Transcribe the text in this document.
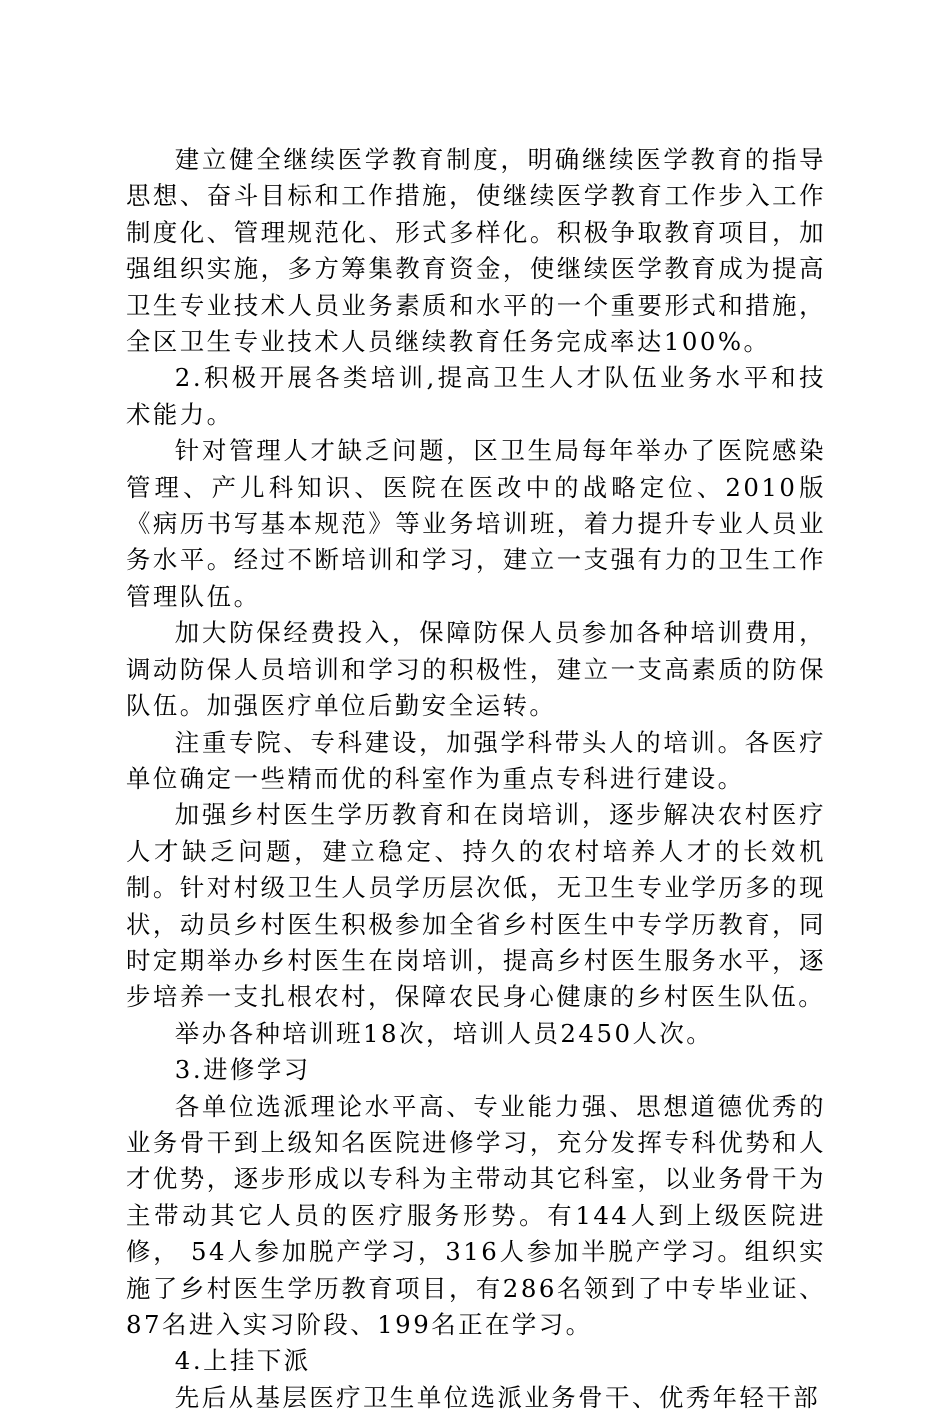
建立健全继续医学教育制度，明确继续医学教育的指导思想、奋斗目标和工作措施，使继续医学教育工作步入工作制度化、管理规范化、形式多样化。积极争取教育项目，加强组织实施，多方筹集教育资金，使继续医学教育成为提高卫生专业技术人员业务素质和水平的一个重要形式和措施，全区卫生专业技术人员继续教育任务完成率达100%。

2.积极开展各类培训,提高卫生人才队伍业务水平和技术能力。

针对管理人才缺乏问题，区卫生局每年举办了医院感染管理、产儿科知识、医院在医改中的战略定位、2010版《病历书写基本规范》等业务培训班，着力提升专业人员业务水平。经过不断培训和学习，建立一支强有力的卫生工作管理队伍。

加大防保经费投入，保障防保人员参加各种培训费用，调动防保人员培训和学习的积极性，建立一支高素质的防保队伍。加强医疗单位后勤安全运转。

注重专院、专科建设，加强学科带头人的培训。各医疗单位确定一些精而优的科室作为重点专科进行建设。

加强乡村医生学历教育和在岗培训，逐步解决农村医疗人才缺乏问题，建立稳定、持久的农村培养人才的长效机制。针对村级卫生人员学历层次低，无卫生专业学历多的现状，动员乡村医生积极参加全省乡村医生中专学历教育，同时定期举办乡村医生在岗培训，提高乡村医生服务水平，逐步培养一支扎根农村，保障农民身心健康的乡村医生队伍。

举办各种培训班18次，培训人员2450人次。

3.进修学习

各单位选派理论水平高、专业能力强、思想道德优秀的业务骨干到上级知名医院进修学习，充分发挥专科优势和人才优势，逐步形成以专科为主带动其它科室，以业务骨干为主带动其它人员的医疗服务形势。有144人到上级医院进修， 54人参加脱产学习，316人参加半脱产学习。组织实施了乡村医生学历教育项目，有286名领到了中专毕业证、87名进入实习阶段、199名正在学习。

4.上挂下派

先后从基层医疗卫生单位选派业务骨干、优秀年轻干部
